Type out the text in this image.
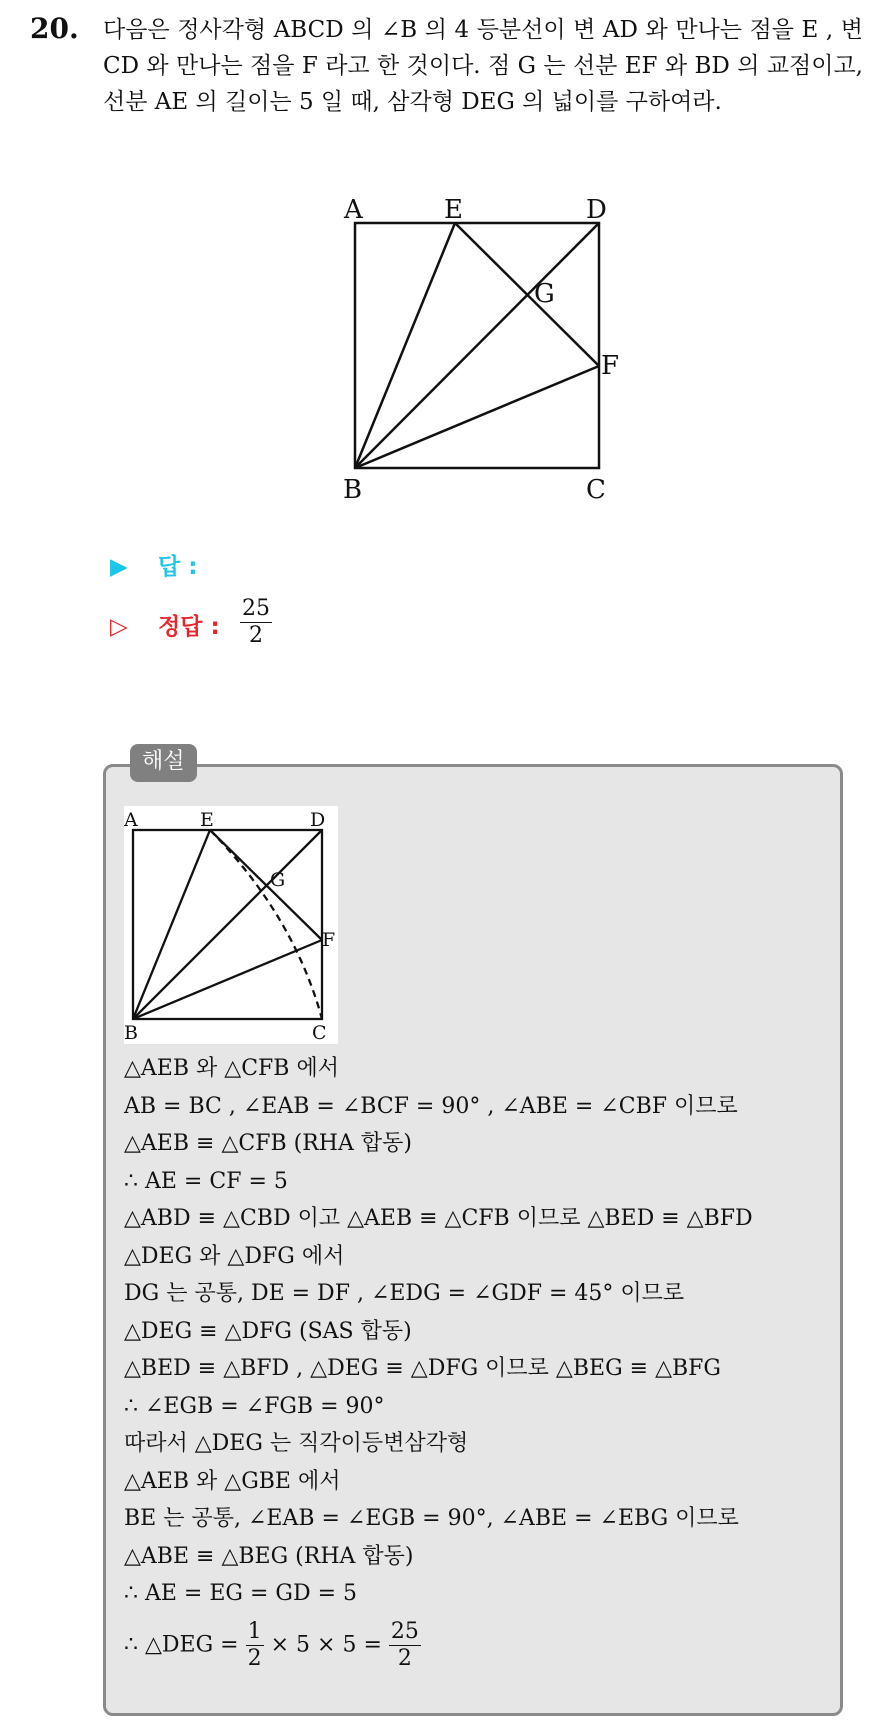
20. 다음은 정사각형 ABCD 의 ∠B 의 4 등분선이 변 AD 와 만나는 점을 E , 변 CD 와 만나는 점을 F 라고 한 것이다. 점 G 는 선분 EF 와 BD 의 교점이고, 선분 AE 의 길이는 5 일 때, 삼각형 DEG 의 넓이를 구하여라.

A	E	D
G
F
B	C
▶ 답 :
▷ 정답 : $\frac{25}{2}$
해설
A	E	D
G
F
B	C
△AEB 와 △CFB 에서
AB = BC , ∠EAB = ∠BCF = 90° , ∠ABE = ∠CBF 이므로
△AEB ≡ △CFB (RHA 합동)
∴ AE = CF = 5
△ABD ≡ △CBD 이고 △AEB ≡ △CFB 이므로 △BED ≡ △BFD
△DEG 와 △DFG 에서
DG 는 공통, DE = DF , ∠EDG = ∠GDF = 45° 이므로
△DEG ≡ △DFG (SAS 합동)
△BED ≡ △BFD , △DEG ≡ △DFG 이므로 △BEG ≡ △BFG
∴ ∠EGB = ∠FGB = 90°
따라서 △DEG 는 직각이등변삼각형
△AEB 와 △GBE 에서
BE 는 공통, ∠EAB = ∠EGB = 90°, ∠ABE = ∠EBG 이므로
△ABE ≡ △BEG (RHA 합동)
∴ AE = EG = GD = 5
∴ △DEG = $\frac{1}{2} \times 5 \times 5 = \frac{25}{2}$
